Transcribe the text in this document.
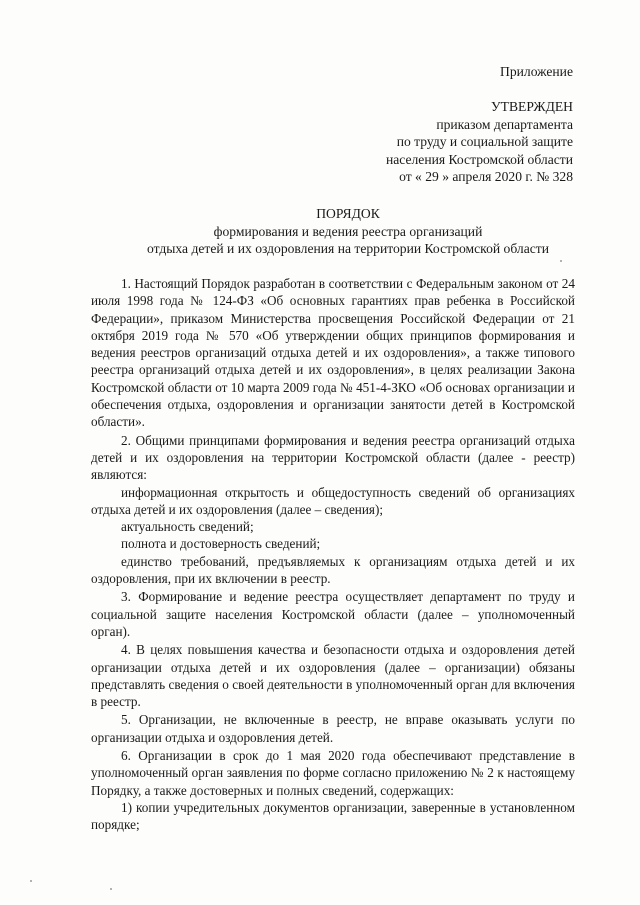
Приложение
УТВЕРЖДЕН
приказом департамента
по труду и социальной защите
населения Костромской области
от « 29 » апреля 2020 г. № 328
ПОРЯДОК
формирования и ведения реестра организаций
отдыха детей и их оздоровления на территории Костромской области

1. Настоящий Порядок разработан в соответствии с Федеральным законом от 24 июля 1998 года № 124-ФЗ «Об основных гарантиях прав ребенка в Российской Федерации», приказом Министерства просвещения Российской Федерации от 21 октября 2019 года № 570 «Об утверждении общих принципов формирования и ведения реестров организаций отдыха детей и их оздоровления», а также типового реестра организаций отдыха детей и их оздоровления», в целях реализации Закона Костромской области от 10 марта 2009 года № 451-4-ЗКО «Об основах организации и обеспечения отдыха, оздоровления и организации занятости детей в Костромской области».

2. Общими принципами формирования и ведения реестра организаций отдыха детей и их оздоровления на территории Костромской области (далее - реестр) являются:

информационная открытость и общедоступность сведений об организациях отдыха детей и их оздоровления (далее – сведения);

актуальность сведений;

полнота и достоверность сведений;

единство требований, предъявляемых к организациям отдыха детей и их оздоровления, при их включении в реестр.

3. Формирование и ведение реестра осуществляет департамент по труду и социальной защите населения Костромской области (далее – уполномоченный орган).

4. В целях повышения качества и безопасности отдыха и оздоровления детей организации отдыха детей и их оздоровления (далее – организации) обязаны представлять сведения о своей деятельности в уполномоченный орган для включения в реестр.

5. Организации, не включенные в реестр, не вправе оказывать услуги по организации отдыха и оздоровления детей.

6. Организации в срок до 1 мая 2020 года обеспечивают представление в уполномоченный орган заявления по форме согласно приложению № 2 к настоящему Порядку, а также достоверных и полных сведений, содержащих:

1) копии учредительных документов организации, заверенные в установленном порядке;
